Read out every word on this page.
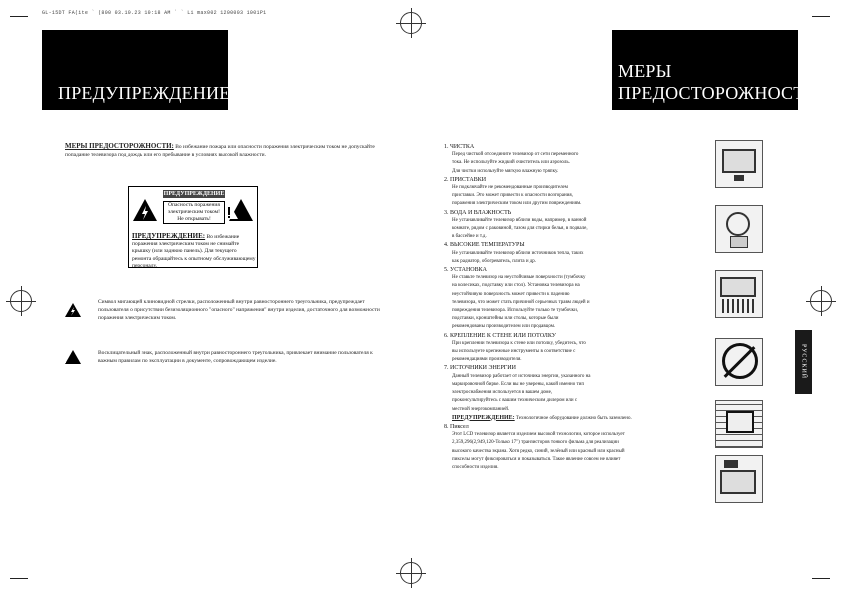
GL-15DT FA(ite ` (800 03.10.23 10:18 AM ` ` Li max002 1200003 1001P1
ПРЕДУПРЕЖДЕНИЕ
МЕРЫ ПРЕДОСТОРОЖНОСТИ: Во избежание пожара или опасности поражения электрическим током не допускайте попадание телевизора под дождь или его пребывание в условиях высокой влажности.
ПРЕДУПРЕЖДЕНИЕ
Опасность поражения
электрическим током!
Не открывать!
ПРЕДУПРЕЖДЕНИЕ: Во избежание поражения электрическим током не снимайте крышку (или заднюю панель). Для текущего ремонта обращайтесь к опытному обслуживающему персоналу.
Символ мигающей клиновидной стрелки, расположенный внутри равностороннего треугольника, предупреждает пользователя о присутствии безизоляционного "опасного" напряжения" внутри изделия, достаточного для возможности поражения электрическим током.
Восклицательный знак, расположенный внутри равностороннего треугольника, привлекает внимание пользователя к важным правилам по эксплуатации в документе, сопровождающем изделие.
МЕРЫ
ПРЕДОСТОРОЖНОСТИ
РУССКИЙ
1. ЧИСТКА
Перед чисткой отсоедините телевизор от сети переменного
тока. Не используйте жидкий очиститель или аэрозоль.
Для чистки используйте мягкую влажную тряпку.
2. ПРИСТАВКИ
Не подключайте не рекомендованные производителем
приставки. Это может привести к опасности возгорания,
поражения электрическим током или другим повреждениям.
3. ВОДА И ВЛАЖНОСТЬ
Не устанавливайте телевизор вблизи воды, например, в ванной
комнате, рядом с раковиной, тазом для стирки белья, в подвале,
в бассейне и т.д.
4. ВЫСОКИЕ ТЕМПЕРАТУРЫ
Не устанавливайте телевизор вблизи источников тепла, таких
как радиатор, обогреватель, плита и др.
5. УСТАНОВКА
Не ставьте телевизор на неустойчивые поверхности (тумбочку
на колесиках, подставку или стол). Установка телевизора на
неустойчивую поверхность может привести к падению
телевизора, что может стать причиной серьезных травм людей и
повреждения телевизора. Используйте только те тумбочки,
подставки, кронштейны или столы, которые были
рекомендованы производителем или продавцом.
6. КРЕПЛЕНИЕ К СТЕНЕ ИЛИ ПОТОЛКУ
При креплении телевизора к стене или потолку, убедитесь, что
вы используете крепежные инструменты в соответствие с
рекомендациями производителя.
7. ИСТОЧНИКИ ЭНЕРГИИ
Данный телевизор работает от источника энергии, указанного на
маркировочной бирке. Если вы не уверены, какой именно тип
электроснабжения используется в вашем доме,
проконсультируйтесь с вашим техническим дилером или с
местной энергокомпанией.
ПРЕДУПРЕЖДЕНИЕ: Технологичное оборудование должно быть заземлено.
8. Пиксел
Этот LCD телевизор является изделием высокой технологии, которое использует
2,359,296(2,949,120-Только 17") транзисторов тонкого фильма для реализации
высокого качества экрана. Хотя редко, синий, зелёный или красный или красный
пикселы могут фиксироваться и показываться. Такое явление совсем не влияет
способности изделия.
